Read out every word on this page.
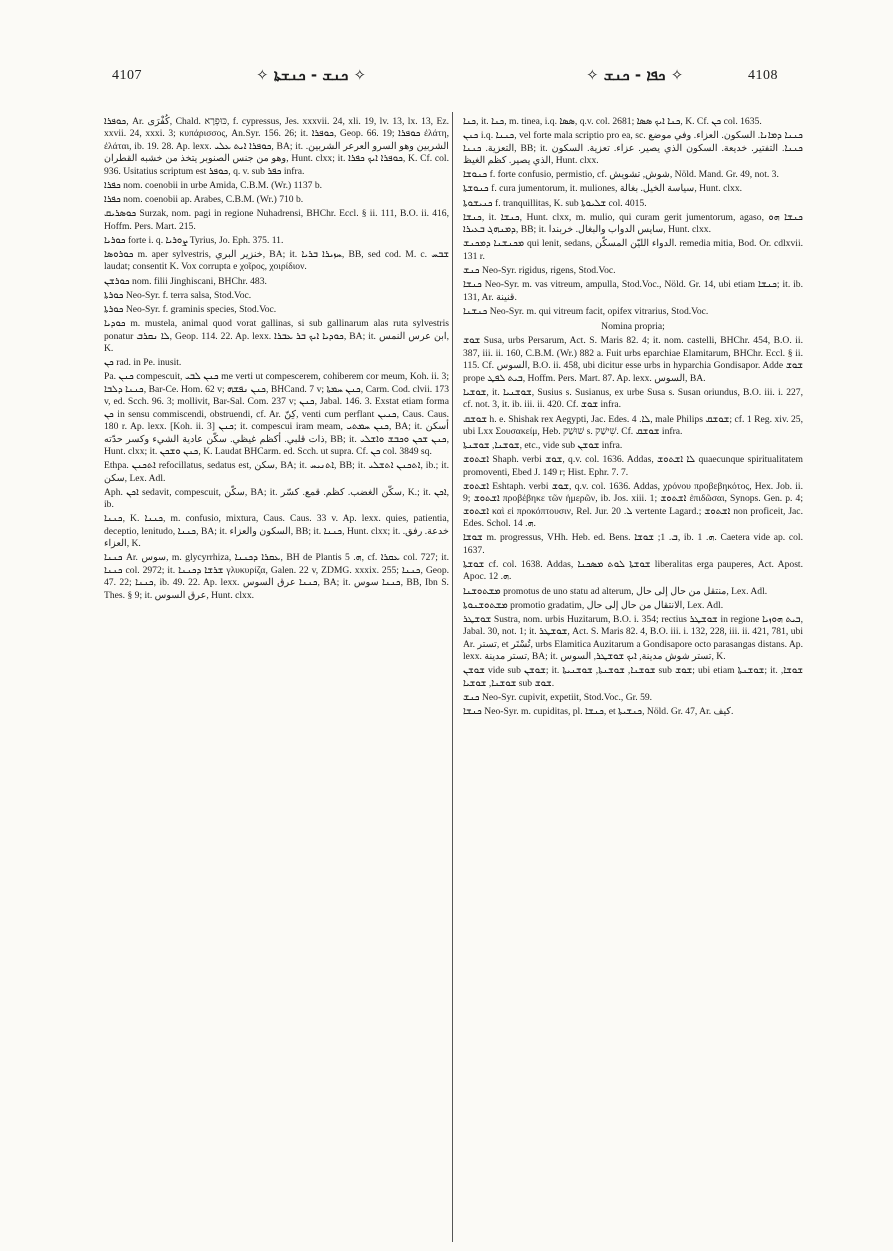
4107	✧ ܟܢܫ - ܟܢܫܬܐ ✧	✧ ܟܦܐ - ܟܢܫ ✧	4108

ܟܘܦܪܐ, Ar. كُفْرَى, Chald. כּוּפְרָא, f. cypressus, Jes. xxxvii. 24, xli. 19, lv. 13, lx. 13, Ez. xxvii. 24, xxxi. 3; κυπάρισσος, An.Syr. 156. 26; it. ܟܘܦܪܐ, Geop. 66. 19; ܟܘܦܪܐ ἐλάτη, ἐλάται, ib. 19. 28. Ap. lexx. ܟܘܦܪܐ ܐܝܬ ܥܠܝ, BA; it. الشربين وهو السرو العرعر الشربين. وهو من جنس الصنوبر يتخذ من خشبه القطران, Hunt. clxx; it. ܟܘܦܪܐ ܐܝܟ ܟܦܪܐ, K. Cf. col. 936. Usitatius scriptum est ܟܘܦܪ, q. v. sub ܟܦܪ infra.

ܟܦܪܐ nom. coenobii in urbe Amida, C.B.M. (Wr.) 1137 b.

ܟܦܪܐ nom. coenobii ap. Arabes, C.B.M. (Wr.) 710 b.

ܟܘܣܪܝܩ Surzak, nom. pagi in regione Nuhadrensi, BHChr. Eccl. § ii. 111, B.O. ii. 416, Hoffm. Pers. Mart. 215.

ܟܘܪܝܐ forte i. q. ܨܘܪܝܐ Tyrius, Jo. Eph. 375. 11.

ܟܘܪܘܣܐ m. aper sylvestris, خنزير البري, BA; it. ܚܙܝܪܐ ܒܪܝܐ, BB, sed cod. M. c. ܫܒܚ laudat; consentit K. Vox corrupta e χοῖρος, χοιρίδιον.

ܟܘܪܫܢ nom. filii Jinghiscani, BHChr. 483.

ܟܘܪܬܐ Neo-Syr. f. terra salsa, Stod.Voc.

ܟܘܪܬܐ Neo-Syr. f. graminis species, Stod.Voc.

ܟܘܕܝܐ m. mustela, animal quod vorat gallinas, si sub gallinarum alas ruta sylvestris ponatur ܠܐ ܢܩܪܒ, Geop. 114. 22. Ap. lexx. ܟܘܕܝܐ ܐܝܟ ܒܪ ܥܒܪܐ, BA; it. ابن عرس النمس, K.

ܟܢ rad. in Pe. inusit.

Pa. ܟܢܢ compescuit, ܟܢܢ ܠܒܝ me verti ut compescerem, cohiberem cor meum, Koh. ii. 3; ܟܢܢܐ ܕܠܒܐ, Bar-Ce. Hom. 62 v; ܟܢܢ ܢܦܫܗ, BHCand. 7 v; ܟܢܢ ܚܡܬܐ, Carm. Cod. clvii. 173 v, ed. Scch. 96. 3; mollivit, Bar-Sal. Com. 237 v; ܟܢܢ, Jabal. 146. 3. Exstat etiam forma ܟܢ in sensu commiscendi, obstruendi, cf. Ar. كِنّ, venti cum perflant ܟܢܝܢ, Caus. Caus. 180 r. Ap. lexx. [Koh. ii. 3] ܟܢܢ; it. compescui iram meam, ܟܢܢ ܚܡܬܝ, BA; it. أسكن ذات قلبي. أكظم غيظي. سكّن عادية الشيء وكسر حدّته, BB; it. ܟܢܢ ܫܟܢ ܘܟܒܫ ܘܐܫܠܝ, Hunt. clxx; it. ܟܢܢ ܘܫܟܢ, K. Laudat BHCarm. ed. Scch. ut supra. Cf. ܟܢ col. 3849 sq.

Ethpa. ܐܬܟܢܢ refocillatus, sedatus est, سكن, BA; it. ܐܬܢܝܚ, BB; it. ܐܬܟܢܢ ܐܬܫܠܝ, ib.; it. سكن, Lex. Adl.

Aph. ܐܟܢ sedavit, compescuit, سكّن, BA; it. سكّن الغضب. كظم. قمع. كسّر, K.; it. ܐܟܢ, ib.

ܟܢܢܐ, K. ܟܢܢܐ, m. confusio, mixtura, Caus. Caus. 33 v. Ap. lexx. quies, patientia, deceptio, lenitudo, ܟܢܢܐ, BA; it. السكون والعزاء, BB; it. ܟܢܢܐ, Hunt. clxx; it. خدعة. رفق. العزاء, K.

ܟܢܢܐ Ar. سوس, m. glycyrrhiza, ܥܩܪܐ ܕܟܢܢܐ, BH de Plantis ܗ. 5, cf. ܥܩܪܐ col. 727; it. ܟܢܢܐ col. 2972; it. ܫܪܫܐ ܕܟܢܢܐ γλυκυρίζα, Galen. 22 v, ZDMG. xxxix. 255; ܟܢܢܐ, Geop. 47. 22; ܟܢܢܐ, ib. 49. 22. Ap. lexx. ܟܢܢܐ عرق السوس, BA; it. ܟܢܢܐ سوس, BB, Ibn S. Thes. § 9; it. عرق السوس, Hunt. clxx.

ܟܢܐ, it. ܟܢܐ, m. tinea, i.q. ܣܣܐ, q.v. col. 2681; ܟܢܐ ܐܝܟ ܣܣܐ, K. Cf. ܟܢ col. 1635.

ܟܢܢ i.q. ܟܢܢܐ, vel forte mala scriptio pro ea, sc. ܟܢܢܐ ܕܡܐܢܐ. السكون. العزاء. وفي موضع التعزية. ܟܢܢܐ, BB; it. ܟܢܢܐ. التفتير. خديعة. السكون الذي يصير. عزاء. تعزية. السكون الذي يصير. كظم الغيظ, Hunt. clxx.

ܟܢܘܫܐ f. forte confusio, permistio, cf. شوش, تشويش, Nöld. Mand. Gr. 49, not. 3.

ܟܢܘܫܬܐ f. cura jumentorum, it. muliones, سياسة الخيل. بغالة, Hunt. clxx.

ܟܢܝܫܘܬܐ f. tranquillitas, K. sub ܫܠܝܘܬܐ col. 4015.

ܟܢܫܐ, it. ܟܢܫܐ, Hunt. clxx, m. mulio, qui curam gerit jumentorum, agaso, ܟܢܫܐ ܗܘ ܕܡܢܗܓ ܒܥܝܪܐ, BB; it. سايس الدواب والبغال. خربندا, Hunt. clxx.

ܡܟܢܫܢܐ ܕܡܟܢܫ qui lenit, sedans, الدواء الليّن المسكّن. remedia mitia, Bod. Or. cdlxvii. 131 r.

ܟܢܫ Neo-Syr. rigidus, rigens, Stod.Voc.

ܟܢܫܐ Neo-Syr. m. vas vitreum, ampulla, Stod.Voc., Nöld. Gr. 14, ubi etiam ܟܢܫܐ; it. ib. 131, Ar. قنينة.

ܟܢܫܢܐ Neo-Syr. m. qui vitreum facit, opifex vitrarius, Stod.Voc.

Nomina propria;

ܫܘܫ Susa, urbs Persarum, Act. S. Maris 82. 4; it. nom. castelli, BHChr. 454, B.O. ii. 387, iii. ii. 160, C.B.M. (Wr.) 882 a. Fuit urbs eparchiae Elamitarum, BHChr. Eccl. § ii. 115. Cf. السوس, B.O. ii. 458, ubi dicitur esse urbs in hyparchia Gondisapor. Adde ܫܘܫ prope ܒܝܬ ܠܦܛ, Hoffm. Pers. Mart. 87. Ap. lexx. السوس, BA.

ܫܘܫܝܐ, it. ܫܘܫܢܝܐ, Susius s. Susianus, ex urbe Susa s. Susan oriundus, B.O. iii. i. 227, cf. not. 3, it. ib. iii. ii. 420. Cf. ܫܘܫ infra.

ܫܘܫܩ h. e. Shishak rex Aegypti, Jac. Edes. ܠܐ. 4, male Philips ܫܘܫܩ; cf. 1 Reg. xiv. 25, ubi Lxx Σουσακείμ, Heb. שׁוּשַׁק s. שִׁישַׁק. Cf. ܫܘܫܩ infra.

ܫܘܫܢܐ, ܫܘܫܢܬܐ, etc., vide sub ܫܘܫܢ infra.

ܐܫܬܘܫ Shaph. verbi ܫܘܫ, q.v. col. 1636. Addas, ܠܐ ܐܫܬܘܫ quaecunque spiritualitatem promoventi, Ebed J. 149 r; Hist. Ephr. 7. 7.

ܐܫܬܘܫ Eshtaph. verbi ܫܘܫ, q.v. col. 1636. Addas, χρόνου προβεβηκότος, Hex. Job. ii. 9; ܐܫܬܘܫ προβέβηκε τῶν ἡμερῶν, ib. Jos. xiii. 1; ܐܫܬܘܫ ἐπιδῶσαι, Synops. Gen. p. 4; ܐܫܬܘܫ καὶ εἰ προκόπτουσιν, Rel. Jur. ܠ. 20 vertente Lagard.; ܐܫܬܘܫ non proficeit, Jac. Edes. Schol. ܗ. 14.

ܫܘܫܐ m. progressus, VHh. Heb. ed. Bens. ܒ. 1; ܫܘܫܐ, ib. ܗ. 1. Caetera vide ap. col. 1637.

ܫܘܫܬܐ cf. col. 1638. Addas, ܫܘܫܬܐ ܠܘܬ ܡܣܟܢܐ liberalitas erga pauperes, Act. Apost. Apoc. ܗ. 12.

ܡܫܬܘܫܢܐ promotus de uno statu ad alterum, منتقل من حال إلى حال, Lex. Adl.

ܡܫܬܘܫܢܘܬܐ promotio gradatim, الانتقال من حال إلى حال, Lex. Adl.

ܫܘܫܛܪ Sustra, nom. urbis Huzitarum, B.O. i. 354; rectius ܫܘܫܛܪ in regione ܒܝܬ ܗܘܙܝܐ, Jabal. 30, not. 1; it. ܫܘܫܛܪ, Act. S. Maris 82. 4, B.O. iii. i. 132, 228, iii. ii. 421, 781, ubi Ar. تستر, et تُسْتَر, urbs Elamitica Auzitarum a Gondisapore octo parasangas distans. Ap. lexx. تستر مدينة, BA; it. تستر شوش مدينة, ܐܝܟ ܫܘܫܛܪ, السوس, K.

ܫܘܫܢ vide sub ܫܘܫܢ; it. ܫܘܫܢܐ, ܫܘܫܢܬܐ, ܫܘܫܢܝܬܐ sub ܫܘܫ; ubi etiam ܫܘܫܢܬܐ; it. ܫܘܫܐ, ܫܘܫܢܐ, ܫܘܫܝܐ sub ܫܘܫ.

ܟܢܫ Neo-Syr. cupivit, expetiit, Stod.Voc., Gr. 59.

ܟܢܫܐ Neo-Syr. m. cupiditas, pl. ܟܢܫܐ, et ܟܢܫܝܬܐ, Nöld. Gr. 47, Ar. كيف.
